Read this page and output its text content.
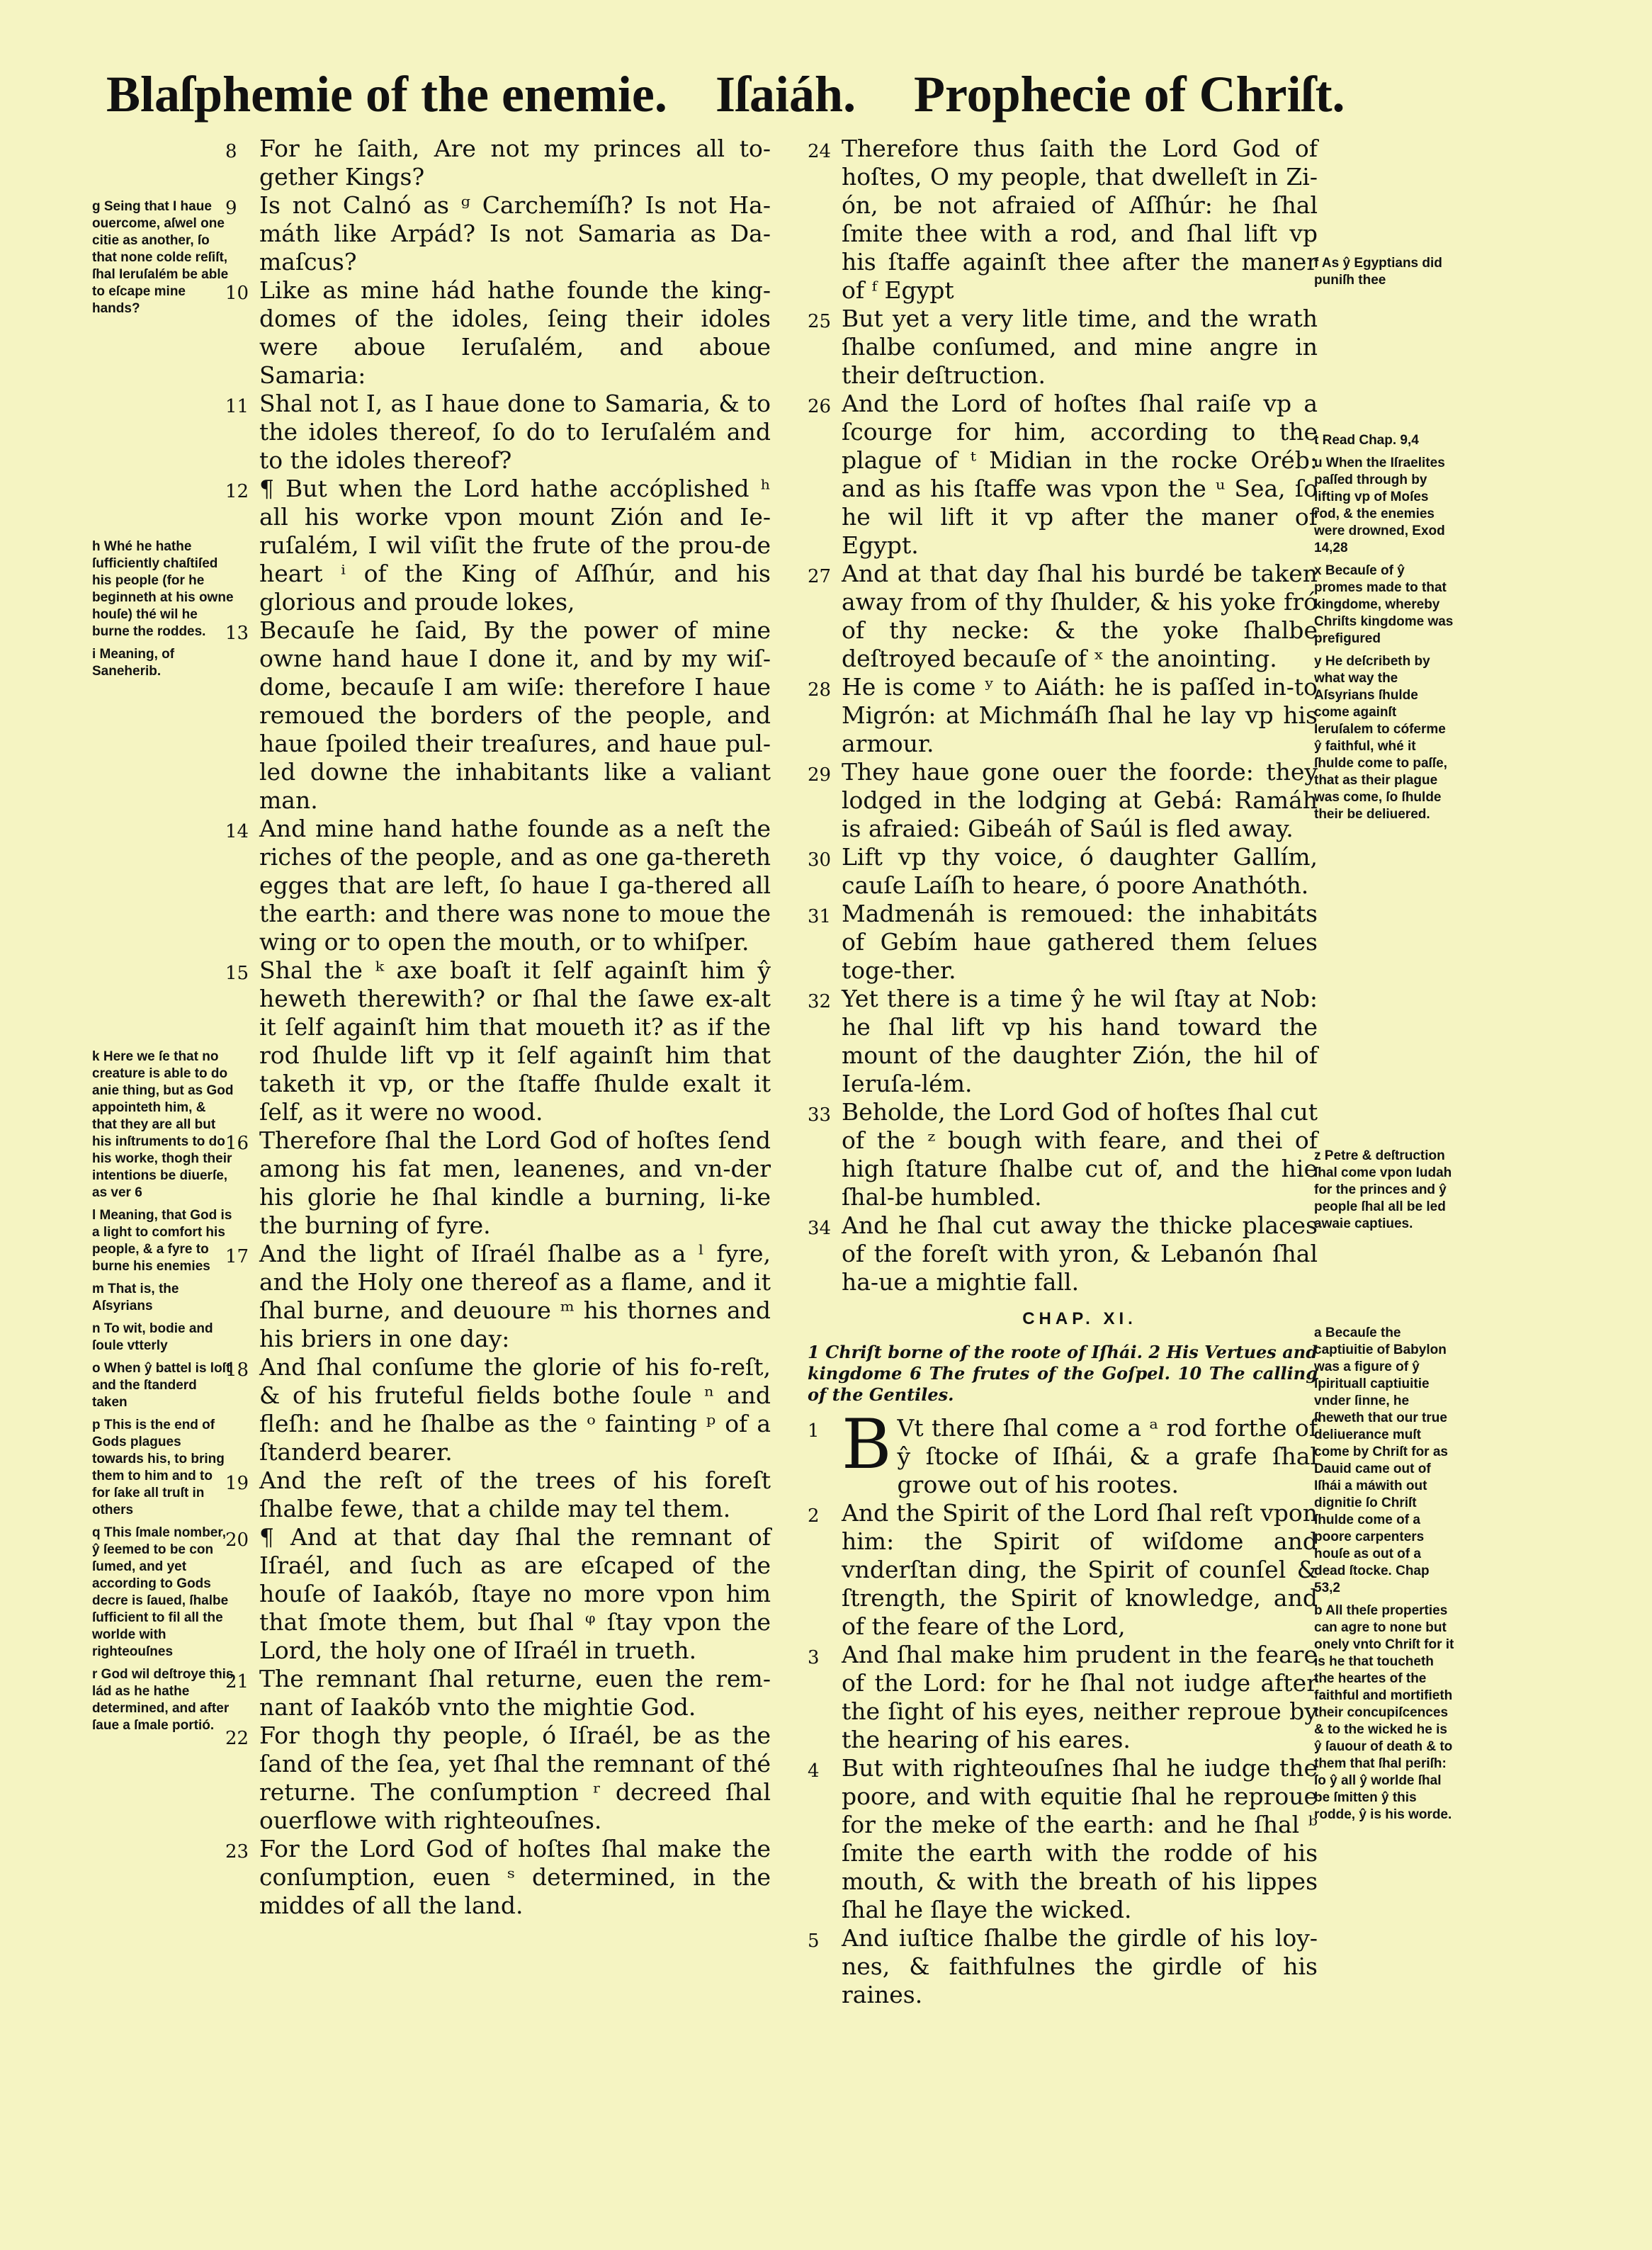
Blaſphemie of the enemie. Iſaiáh. Prophecie of Chriſt.
8 For he ſaith, Are not my princes all to-gether Kings?
9 Is not Calnó as ᵍ Carchemíſh? Is not Ha-máth like Arpád? Is not Samaria as Da-maſcus?
10 Like as mine hád hathe founde the king-domes of the idoles, ſeing their idoles were aboue Ieruſalém, and aboue Samaria:
11 Shal not I, as I haue done to Samaria, & to the idoles thereof, ſo do to Ieruſalém and to the idoles thereof?
12 ¶ But when the Lord hathe accóplished ʰ all his worke vpon mount Zión and Ie-ruſalém, I wil viſit the frute of the prou-de heart ⁱ of the King of Aſſhúr, and his glorious and proude lokes,
13 Becauſe he ſaid, By the power of mine owne hand haue I done it, and by my wiſ-dome, becauſe I am wiſe: therefore I haue remoued the borders of the people, and haue ſpoiled their treaſures, and haue pul-led downe the inhabitants like a valiant man.
14 And mine hand hathe founde as a neſt the riches of the people, and as one ga-thereth egges that are left, ſo haue I ga-thered all the earth: and there was none to moue the wing or to open the mouth, or to whiſper.
15 Shal the ᵏ axe boaſt it ſelf againſt him ŷ heweth therewith? or ſhal the ſawe ex-alt it ſelf againſt him that moueth it? as if the rod ſhulde lift vp it ſelf againſt him that taketh it vp, or the ſtaffe ſhulde exalt it ſelf, as it were no wood.
16 Therefore ſhal the Lord God of hoſtes ſend among his fat men, leanenes, and vn-der his glorie he ſhal kindle a burning, li-ke the burning of fyre.
17 And the light of Iſraél ſhalbe as a ˡ fyre, and the Holy one thereof as a flame, and it ſhal burne, and deuoure ᵐ his thornes and his briers in one day:
18 And ſhal conſume the glorie of his fo-reſt, & of his fruteful fields bothe ſoule ⁿ and fleſh: and he ſhalbe as the ᵒ fainting ᵖ of a ſtanderd bearer.
19 And the reſt of the trees of his foreſt ſhalbe fewe, that a childe may tel them.
20 ¶ And at that day ſhal the remnant of Iſraél, and ſuch as are eſcaped of the houſe of Iaakób, ſtaye no more vpon him that ſmote them, but ſhal ᵠ ſtay vpon the Lord, the holy one of Iſraél in trueth.
21 The remnant ſhal returne, euen the rem-nant of Iaakób vnto the mightie God.
22 For thogh thy people, ó Iſraél, be as the ſand of the ſea, yet ſhal the remnant of thé returne. The conſumption ʳ decreed ſhal ouerflowe with righteouſnes.
23 For the Lord God of hoſtes ſhal make the conſumption, euen ˢ determined, in the middes of all the land.
24 Therefore thus ſaith the Lord God of hoſtes, O my people, that dwelleſt in Zi-ón, be not afraied of Aſſhúr: he ſhal ſmite thee with a rod, and ſhal lift vp his ſtaffe againſt thee after the maner of ᶠ Egypt
25 But yet a very litle time, and the wrath ſhalbe conſumed, and mine angre in their deſtruction.
26 And the Lord of hoſtes ſhal raiſe vp a ſcourge for him, according to the plague of ᵗ Midian in the rocke Oréb: and as his ſtaffe was vpon the ᵘ Sea, ſo he wil lift it vp after the maner of Egypt.
27 And at that day ſhal his burdé be taken away from of thy ſhulder, & his yoke fró of thy necke: & the yoke ſhalbe deſtroyed becauſe of ˣ the anointing.
28 He is come ʸ to Aiáth: he is paſſed in-to Migrón: at Michmáſh ſhal he lay vp his armour.
29 They haue gone ouer the foorde: they lodged in the lodging at Gebá: Ramáh is afraied: Gibeáh of Saúl is fled away.
30 Lift vp thy voice, ó daughter Gallím, cauſe Laíſh to heare, ó poore Anathóth.
31 Madmenáh is remoued: the inhabitáts of Gebím haue gathered them ſelues toge-ther.
32 Yet there is a time ŷ he wil ſtay at Nob: he ſhal lift vp his hand toward the mount of the daughter Zión, the hil of Ieruſa-lém.
33 Beholde, the Lord God of hoſtes ſhal cut of the ᶻ bough with feare, and thei of high ſtature ſhalbe cut of, and the hie ſhal-be humbled.
34 And he ſhal cut away the thicke places of the foreſt with yron, & Lebanón ſhal ha-ue a mightie fall.
CHAP. XI.
1 Chriſt borne of the roote of Iſhái. 2 His Vertues and kingdome 6 The frutes of the Goſpel. 10 The calling of the Gentiles.
1 B Vt there ſhal come a ᵃ rod forthe of ŷ ſtocke of Iſhái, & a grafe ſhal growe out of his rootes.
2 And the Spirit of the Lord ſhal reſt vpon him: the Spirit of wiſdome and vnderſtan ding, the Spirit of counſel & ſtrength, the Spirit of knowledge, and of the feare of the Lord,
3 And ſhal make him prudent in the feare of the Lord: for he ſhal not iudge after the ſight of his eyes, neither reproue by the hearing of his eares.
4 But with righteouſnes ſhal he iudge the poore, and with equitie ſhal he reproue for the meke of the earth: and he ſhal ᵇ ſmite the earth with the rodde of his mouth, & with the breath of his lippes ſhal he ſlaye the wicked.
5 And iuſtice ſhalbe the girdle of his loy-nes, & faithfulnes the girdle of his raines.
g Seing that I haue ouercome, aſwel one citie as another, ſo that none colde reſiſt, ſhal Ieruſalém be able to eſcape mine hands?
h Whé he hathe ſufficiently chaſtiſed his people (for he beginneth at his owne houſe) thé wil he burne the roddes.
i Meaning, of Saneherib.
k Here we ſe that no creature is able to do anie thing, but as God appointeth him, & that they are all but his inſtruments to do his worke, thogh their intentions be diuerſe, as ver 6
l Meaning, that God is a light to comfort his people, & a fyre to burne his enemies
m That is, the Aſsyrians
n To wit, bodie and ſoule vtterly
o When ŷ battel is loſt and the ſtanderd taken
p This is the end of Gods plagues towards his, to bring them to him and to for ſake all truſt in others
q This ſmale nomber, ŷ ſeemed to be con ſumed, and yet according to Gods decre is ſaued, ſhalbe ſufficient to fil all the worlde with righteouſnes
r God wil deſtroye this lád as he hathe determined, and after ſaue a ſmale portió.
f As ŷ Egyptians did puniſh thee
t Read Chap. 9,4
u When the Iſraelites paſſed through by lifting vp of Moſes rod, & the enemies were drowned, Exod 14,28
x Becauſe of ŷ promes made to that kingdome, whereby Chriſts kingdome was prefigured
y He deſcribeth by what way the Aſsyrians ſhulde come againſt Ieruſalem to cóferme ŷ faithful, whé it ſhulde come to paſſe, that as their plague was come, ſo ſhulde their be deliuered.
z Petre & deſtruction ſhal come vpon Iudah for the princes and ŷ people ſhal all be led awaie captiues.
a Becauſe the captiuitie of Babylon was a figure of ŷ ſpirituall captiuitie vnder ſinne, he ſheweth that our true deliuerance muſt come by Chriſt for as Dauid came out of Iſhái a máwith out dignitie ſo Chriſt ſhulde come of a poore carpenters houſe as out of a dead ſtocke. Chap 53,2
b All theſe properties can agre to none but onely vnto Chriſt for it is he that toucheth the heartes of the faithful and mortifieth their concupiſcences & to the wicked he is ŷ ſauour of death & to them that ſhal periſh: ſo ŷ all ŷ worlde ſhal be ſmitten ŷ this rodde, ŷ is his worde.
